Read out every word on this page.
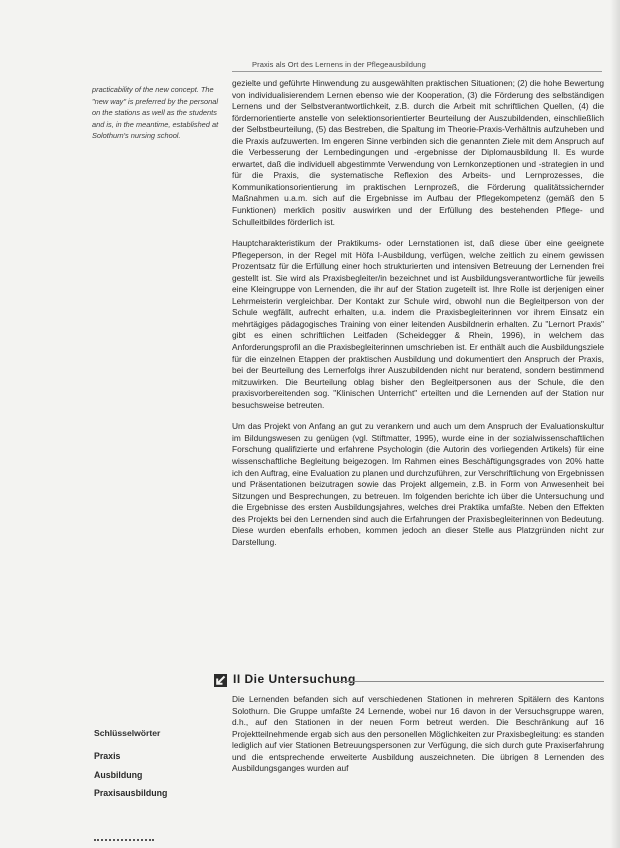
Praxis als Ort des Lernens in der Pflegeausbildung

practicability of the new concept. The "new way" is preferred by the personal on the stations as well as the students and is, in the meantime, established at Solothurn's nursing school.

gezielte und geführte Hinwendung zu ausgewählten praktischen Situationen; (2) die hohe Bewertung von individualisierendem Lernen ebenso wie der Kooperation, (3) die Förderung des selbständigen Lernens und der Selbstverantwortlichkeit, z.B. durch die Arbeit mit schriftlichen Quellen, (4) die fördernorientierte anstelle von selektionsorientierter Beurteilung der Auszubildenden, einschließlich der Selbstbeurteilung, (5) das Bestreben, die Spaltung im Theorie-Praxis-Verhältnis aufzuheben und die Praxis aufzuwerten. Im engeren Sinne verbinden sich die genannten Ziele mit dem Anspruch auf die Verbesserung der Lernbedingungen und -ergebnisse der Diplomausbildung II. Es wurde erwartet, daß die individuell abgestimmte Verwendung von Lernkonzeptionen und -strategien in und für die Praxis, die systematische Reflexion des Arbeits- und Lernprozesses, die Kommunikationsorientierung im praktischen Lernprozeß, die Förderung qualitätssichernder Maßnahmen u.a.m. sich auf die Ergebnisse im Aufbau der Pflegekompetenz (gemäß den 5 Funktionen) merklich positiv auswirken und der Erfüllung des bestehenden Pflege- und Schulleitbildes förderlich ist.

Hauptcharakteristikum der Praktikums- oder Lernstationen ist, daß diese über eine geeignete Pflegeperson, in der Regel mit Höfa I-Ausbildung, verfügen, welche zeitlich zu einem gewissen Prozentsatz für die Erfüllung einer hoch strukturierten und intensiven Betreuung der Lernenden frei gestellt ist. Sie wird als Praxisbegleiter/in bezeichnet und ist Ausbildungsverantwortliche für jeweils eine Kleingruppe von Lernenden, die ihr auf der Station zugeteilt ist. Ihre Rolle ist derjenigen einer Lehrmeisterin vergleichbar. Der Kontakt zur Schule wird, obwohl nun die Begleitperson von der Schule wegfällt, aufrecht erhalten, u.a. indem die Praxisbegleiterinnen vor ihrem Einsatz ein mehrtägiges pädagogisches Training von einer leitenden Ausbildnerin erhalten. Zu "Lernort Praxis" gibt es einen schriftlichen Leitfaden (Scheidegger & Rhein, 1996), in welchem das Anforderungsprofil an die Praxisbegleiterinnen umschrieben ist. Er enthält auch die Ausbildungsziele für die einzelnen Etappen der praktischen Ausbildung und dokumentiert den Anspruch der Praxis, bei der Beurteilung des Lernerfolgs ihrer Auszubildenden nicht nur beratend, sondern bestimmend mitzuwirken. Die Beurteilung oblag bisher den Begleitpersonen aus der Schule, die den praxisvorbereitenden sog. "Klinischen Unterricht" erteilten und die Lernenden auf der Station nur besuchsweise betreuten.

Um das Projekt von Anfang an gut zu verankern und auch um dem Anspruch der Evaluationskultur im Bildungswesen zu genügen (vgl. Stiftmatter, 1995), wurde eine in der sozialwissenschaftlichen Forschung qualifizierte und erfahrene Psychologin (die Autorin des vorliegenden Artikels) für eine wissenschaftliche Begleitung beigezogen. Im Rahmen eines Beschäftigungsgrades von 20% hatte ich den Auftrag, eine Evaluation zu planen und durchzuführen, zur Verschriftlichung von Ergebnissen und Präsentationen beizutragen sowie das Projekt allgemein, z.B. in Form von Anwesenheit bei Sitzungen und Besprechungen, zu betreuen. Im folgenden berichte ich über die Untersuchung und die Ergebnisse des ersten Ausbildungsjahres, welches drei Praktika umfaßte. Neben den Effekten des Projekts bei den Lernenden sind auch die Erfahrungen der Praxisbegleiterinnen von Bedeutung. Diese wurden ebenfalls erhoben, kommen jedoch an dieser Stelle aus Platzgründen nicht zur Darstellung.

II Die Untersuchung

Die Lernenden befanden sich auf verschiedenen Stationen in mehreren Spitälern des Kantons Solothurn. Die Gruppe umfaßte 24 Lernende, wobei nur 16 davon in der Versuchsgruppe waren, d.h., auf den Stationen in der neuen Form betreut werden. Die Beschränkung auf 16 Projektteilnehmende ergab sich aus den personellen Möglichkeiten zur Praxisbegleitung: es standen lediglich auf vier Stationen Betreuungspersonen zur Verfügung, die sich durch gute Praxiserfahrung und die entsprechende erweiterte Ausbildung auszeichneten. Die übrigen 8 Lernenden des Ausbildungsganges wurden auf

Schlüsselwörter
Praxis
Ausbildung
Praxisausbildung
